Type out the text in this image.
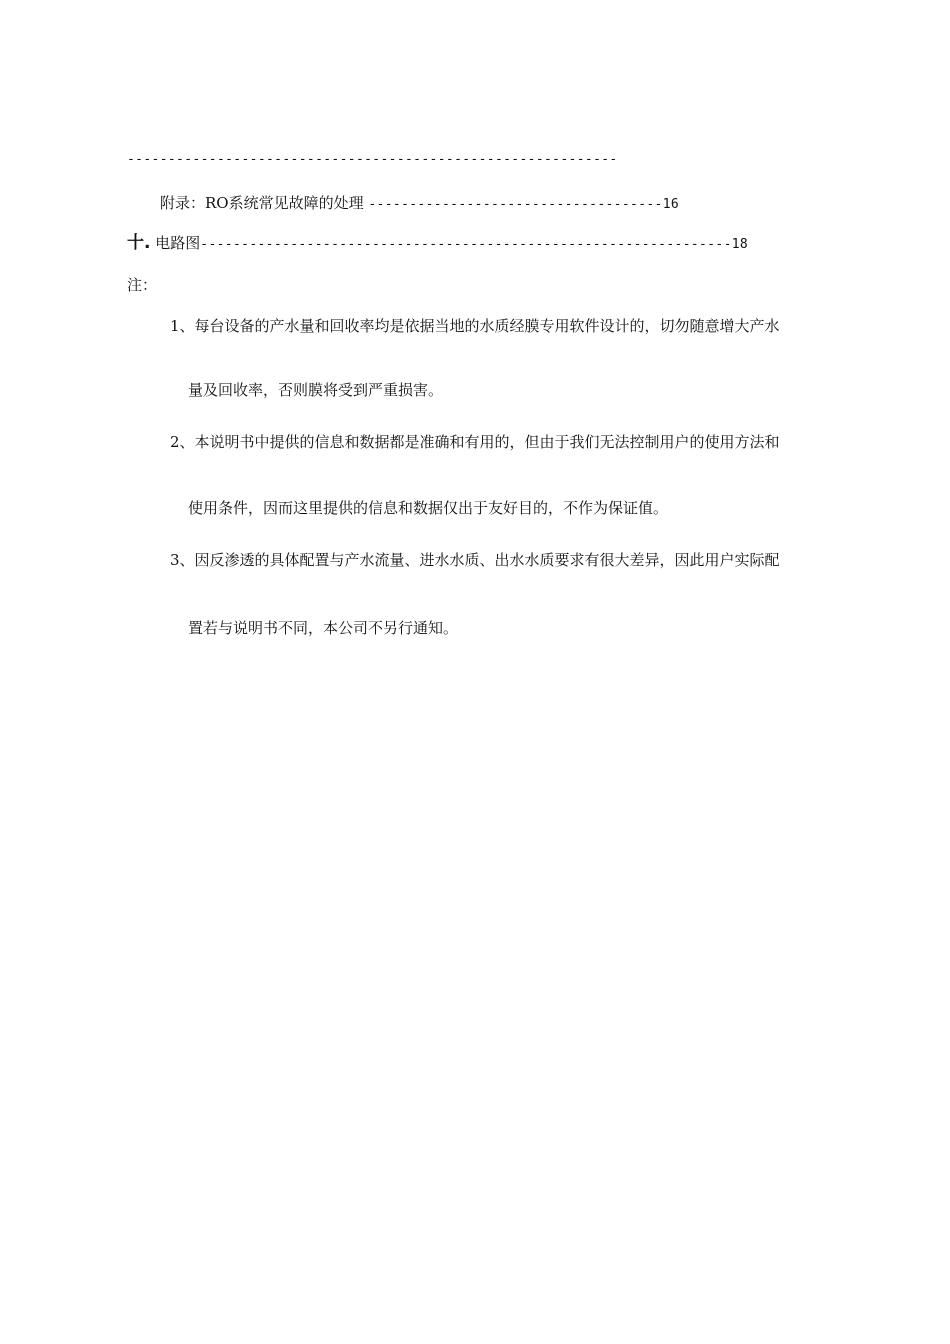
------------------------------------------------------------
附录：RO系统常见故障的处理 ------------------------------------16
十. 电路图-----------------------------------------------------------------18
注：
1、每台设备的产水量和回收率均是依据当地的水质经膜专用软件设计的，切勿随意增大产水
量及回收率，否则膜将受到严重损害。
2、本说明书中提供的信息和数据都是准确和有用的，但由于我们无法控制用户的使用方法和
使用条件，因而这里提供的信息和数据仅出于友好目的，不作为保证值。
3、因反渗透的具体配置与产水流量、进水水质、出水水质要求有很大差异，因此用户实际配
置若与说明书不同，本公司不另行通知。
